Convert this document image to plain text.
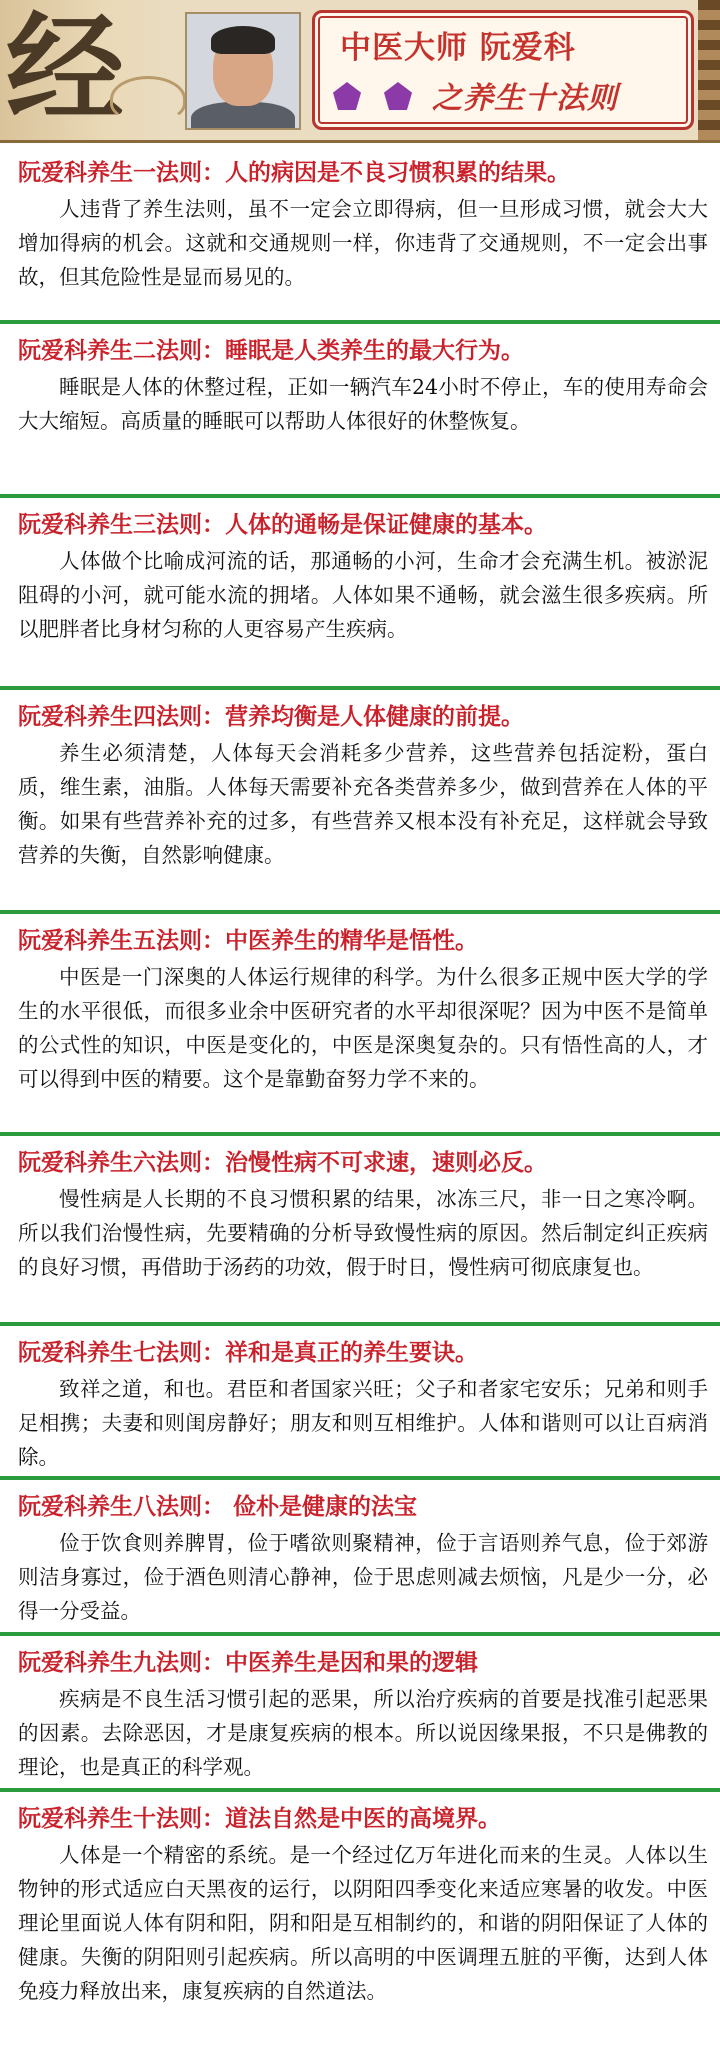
经	中医大师 阮爱科
之养生十法则
阮爱科养生一法则：人的病因是不良习惯积累的结果。
人违背了养生法则，虽不一定会立即得病，但一旦形成习惯，就会大大增加得病的机会。这就和交通规则一样，你违背了交通规则，不一定会出事故，但其危险性是显而易见的。
阮爱科养生二法则：睡眠是人类养生的最大行为。
睡眠是人体的休整过程，正如一辆汽车24小时不停止，车的使用寿命会大大缩短。高质量的睡眠可以帮助人体很好的休整恢复。
阮爱科养生三法则：人体的通畅是保证健康的基本。
人体做个比喻成河流的话，那通畅的小河，生命才会充满生机。被淤泥阻碍的小河，就可能水流的拥堵。人体如果不通畅，就会滋生很多疾病。所以肥胖者比身材匀称的人更容易产生疾病。
阮爱科养生四法则：营养均衡是人体健康的前提。
养生必须清楚，人体每天会消耗多少营养，这些营养包括淀粉，蛋白质，维生素，油脂。人体每天需要补充各类营养多少，做到营养在人体的平衡。如果有些营养补充的过多，有些营养又根本没有补充足，这样就会导致营养的失衡，自然影响健康。
阮爱科养生五法则：中医养生的精华是悟性。
中医是一门深奥的人体运行规律的科学。为什么很多正规中医大学的学生的水平很低，而很多业余中医研究者的水平却很深呢？因为中医不是简单的公式性的知识，中医是变化的，中医是深奥复杂的。只有悟性高的人，才可以得到中医的精要。这个是靠勤奋努力学不来的。
阮爱科养生六法则：治慢性病不可求速，速则必反。
慢性病是人长期的不良习惯积累的结果，冰冻三尺，非一日之寒冷啊。所以我们治慢性病，先要精确的分析导致慢性病的原因。然后制定纠正疾病的良好习惯，再借助于汤药的功效，假于时日，慢性病可彻底康复也。
阮爱科养生七法则：祥和是真正的养生要诀。
致祥之道，和也。君臣和者国家兴旺；父子和者家宅安乐；兄弟和则手足相携；夫妻和则闺房静好；朋友和则互相维护。人体和谐则可以让百病消除。
阮爱科养生八法则： 俭朴是健康的法宝
俭于饮食则养脾胃，俭于嗜欲则聚精神，俭于言语则养气息，俭于郊游则洁身寡过，俭于酒色则清心静神，俭于思虑则减去烦恼，凡是少一分，必得一分受益。
阮爱科养生九法则：中医养生是因和果的逻辑
疾病是不良生活习惯引起的恶果，所以治疗疾病的首要是找准引起恶果的因素。去除恶因，才是康复疾病的根本。所以说因缘果报，不只是佛教的理论，也是真正的科学观。
阮爱科养生十法则：道法自然是中医的高境界。
人体是一个精密的系统。是一个经过亿万年进化而来的生灵。人体以生物钟的形式适应白天黑夜的运行，以阴阳四季变化来适应寒暑的收发。中医理论里面说人体有阴和阳，阴和阳是互相制约的，和谐的阴阳保证了人体的健康。失衡的阴阳则引起疾病。所以高明的中医调理五脏的平衡，达到人体免疫力释放出来，康复疾病的自然道法。
